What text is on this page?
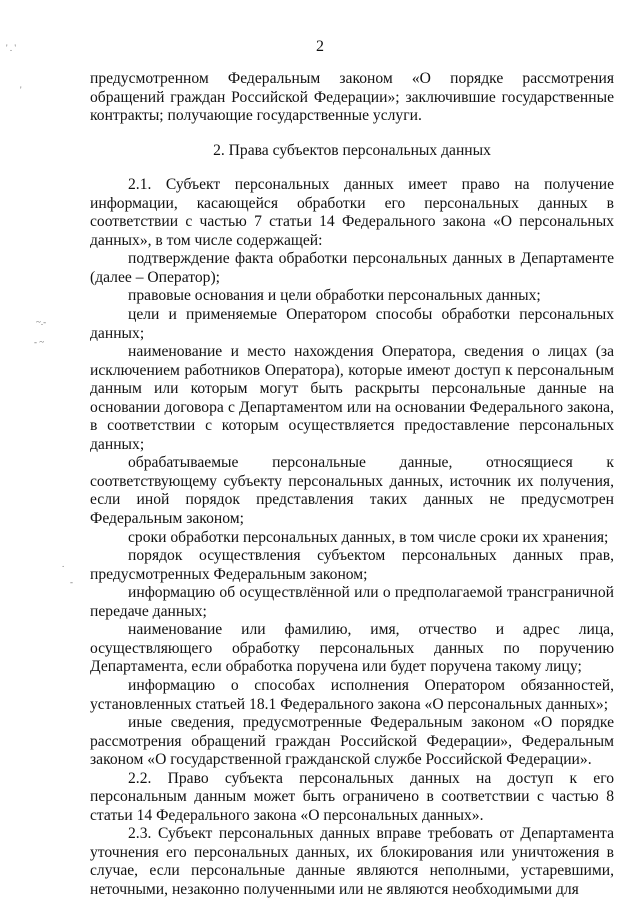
2
' . '
'
~.-
- ~
.
-

предусмотренном Федеральным законом «О порядке рассмотрения обращений граждан Российской Федерации»; заключившие государственные контракты; получающие государственные услуги.

2. Права субъектов персональных данных

2.1. Субъект персональных данных имеет право на получение информации, касающейся обработки его персональных данных в соответствии с частью 7 статьи 14 Федерального закона «О персональных данных», в том числе содержащей:

подтверждение факта обработки персональных данных в Департаменте (далее – Оператор);

правовые основания и цели обработки персональных данных;

цели и применяемые Оператором способы обработки персональных данных;

наименование и место нахождения Оператора, сведения о лицах (за исключением работников Оператора), которые имеют доступ к персональным данным или которым могут быть раскрыты персональные данные на основании договора с Департаментом или на основании Федерального закона, в соответствии с которым осуществляется предоставление персональных данных;

обрабатываемые персональные данные, относящиеся к соответствующему субъекту персональных данных, источник их получения, если иной порядок представления таких данных не предусмотрен Федеральным законом;

сроки обработки персональных данных, в том числе сроки их хранения;

порядок осуществления субъектом персональных данных прав, предусмотренных Федеральным законом;

информацию об осуществлённой или о предполагаемой трансграничной передаче данных;

наименование или фамилию, имя, отчество и адрес лица, осуществляющего обработку персональных данных по поручению Департамента, если обработка поручена или будет поручена такому лицу;

информацию о способах исполнения Оператором обязанностей, установленных статьей 18.1 Федерального закона «О персональных данных»;

иные сведения, предусмотренные Федеральным законом «О порядке рассмотрения обращений граждан Российской Федерации», Федеральным законом «О государственной гражданской службе Российской Федерации».

2.2. Право субъекта персональных данных на доступ к его персональным данным может быть ограничено в соответствии с частью 8 статьи 14 Федерального закона «О персональных данных».

2.3. Субъект персональных данных вправе требовать от Департамента уточнения его персональных данных, их блокирования или уничтожения в случае, если персональные данные являются неполными, устаревшими, неточными, незаконно полученными или не являются необходимыми для
